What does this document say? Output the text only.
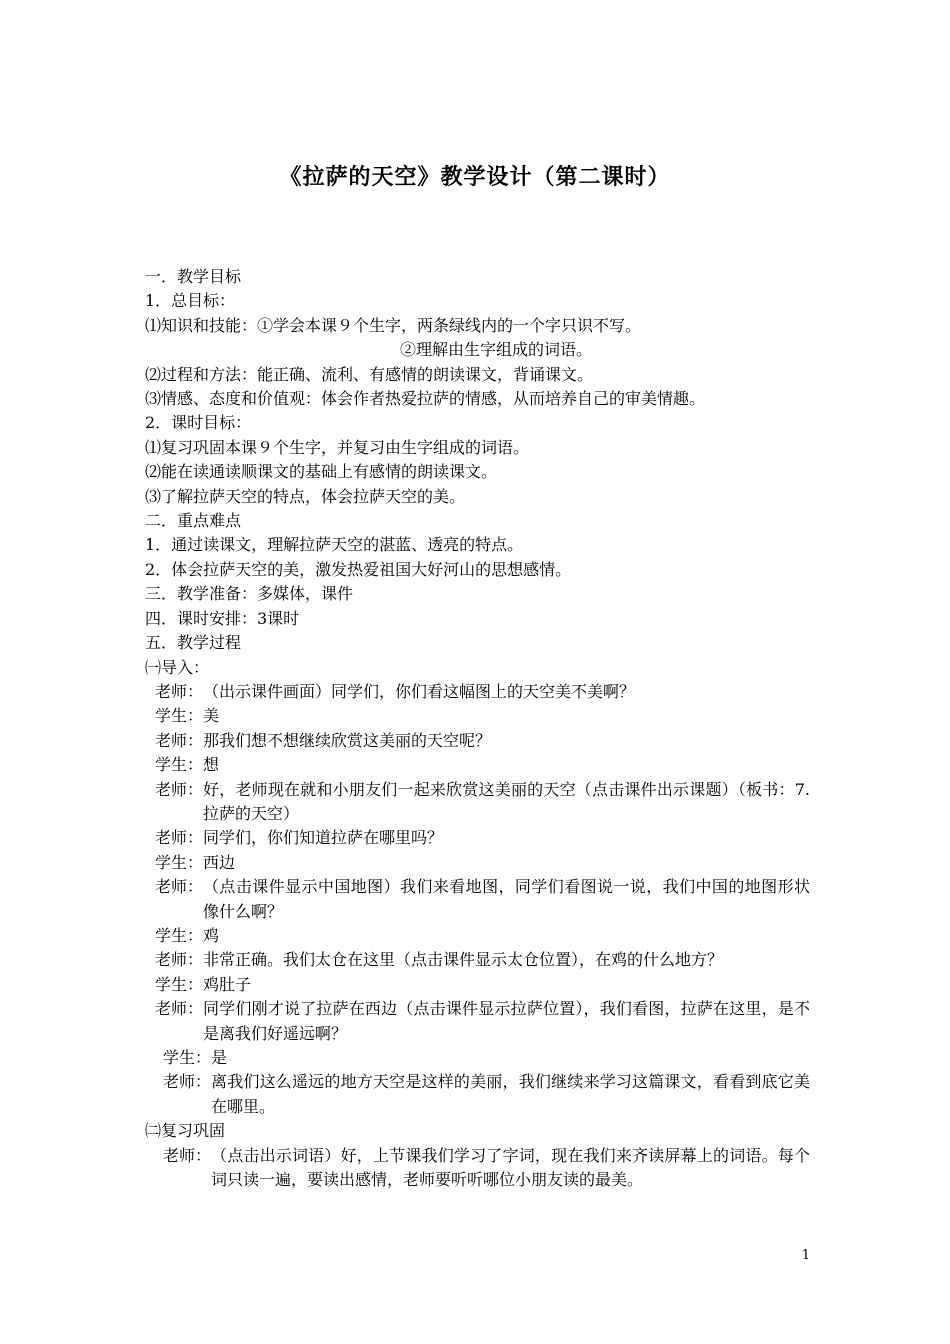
《拉萨的天空》教学设计（第二课时）
一．教学目标
1．总目标：
⑴知识和技能：①学会本课９个生字，两条绿线内的一个字只识不写。
②理解由生字组成的词语。
⑵过程和方法：能正确、流利、有感情的朗读课文，背诵课文。
⑶情感、态度和价值观：体会作者热爱拉萨的情感，从而培养自己的审美情趣。
2．课时目标：
⑴复习巩固本课９个生字，并复习由生字组成的词语。
⑵能在读通读顺课文的基础上有感情的朗读课文。
⑶了解拉萨天空的特点，体会拉萨天空的美。
二．重点难点
1．通过读课文，理解拉萨天空的湛蓝、透亮的特点。
2．体会拉萨天空的美，激发热爱祖国大好河山的思想感情。
三．教学准备：多媒体，课件
四．课时安排：3课时
五．教学过程
㈠导入：
老师： （出示课件画面）同学们，你们看这幅图上的天空美不美啊？
学生： 美
老师： 那我们想不想继续欣赏这美丽的天空呢？
学生： 想
老师： 好，老师现在就和小朋友们一起来欣赏这美丽的天空（点击课件出示课题）（板书：7.拉萨的天空）
老师： 同学们，你们知道拉萨在哪里吗？
学生： 西边
老师： （点击课件显示中国地图）我们来看地图，同学们看图说一说，我们中国的地图形状像什么啊？
学生： 鸡
老师： 非常正确。我们太仓在这里（点击课件显示太仓位置），在鸡的什么地方？
学生： 鸡肚子
老师： 同学们刚才说了拉萨在西边（点击课件显示拉萨位置），我们看图，拉萨在这里，是不是离我们好遥远啊？
学生： 是
老师： 离我们这么遥远的地方天空是这样的美丽，我们继续来学习这篇课文，看看到底它美在哪里。
㈡复习巩固
老师： （点击出示词语）好，上节课我们学习了字词，现在我们来齐读屏幕上的词语。每个词只读一遍，要读出感情，老师要听听哪位小朋友读的最美。
1
